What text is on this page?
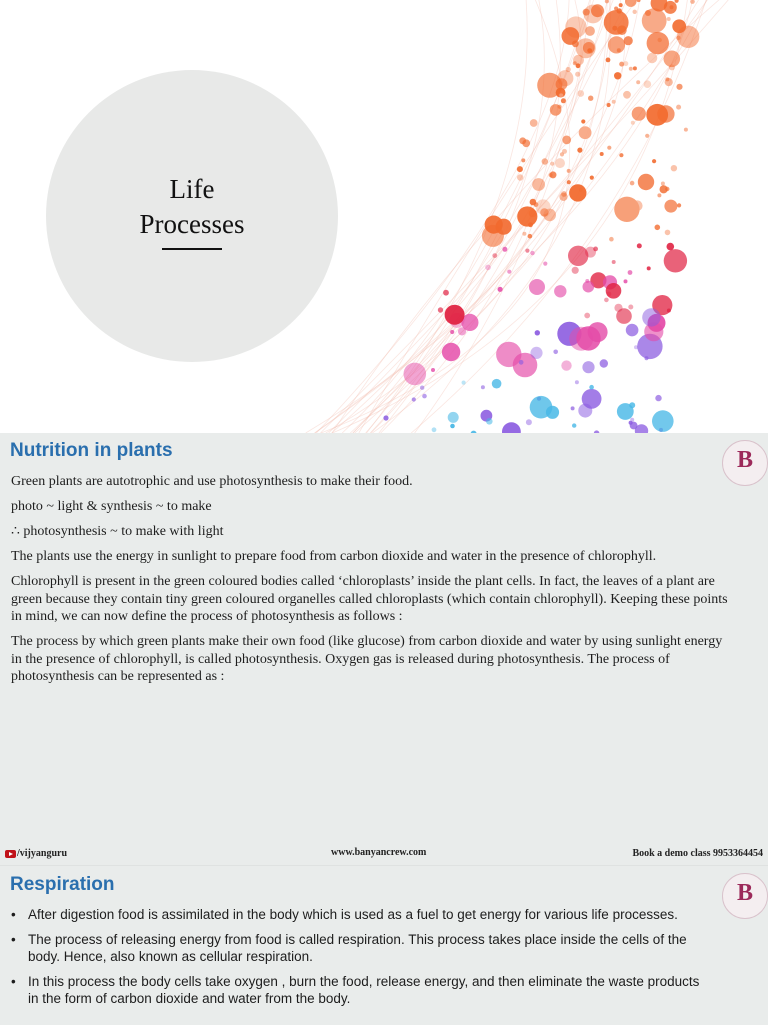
Life
Processes
Nutrition in plants	B

Green plants are autotrophic and use photosynthesis to make their food.

photo ~ light & synthesis ~ to make

∴ photosynthesis ~ to make with light

The plants use the energy in sunlight to prepare food from carbon dioxide and water in the presence of chlorophyll.

Chlorophyll is present in the green coloured bodies called ‘chloroplasts’ inside the plant cells. In fact, the leaves of a plant are green because they contain tiny green coloured organelles called chloroplasts (which contain chlorophyll). Keeping these points in mind, we can now define the process of photosynthesis as follows :

The process by which green plants make their own food (like glucose) from carbon dioxide and water by using sunlight energy in the presence of chlorophyll, is called photosynthesis. Oxygen gas is released during photosynthesis. The process of photosynthesis can be represented as :

/vijyanguru	www.banyancrew.com	Book a demo class 9953364454
Respiration	B
• After digestion food is assimilated in the body which is used as a fuel to get energy for various life processes.
• The process of releasing energy from food is called respiration. This process takes place inside the cells of the body. Hence, also known as cellular respiration.
• In this process the body cells take oxygen , burn the food, release energy, and then eliminate the waste products in the form of carbon dioxide and water from the body.
